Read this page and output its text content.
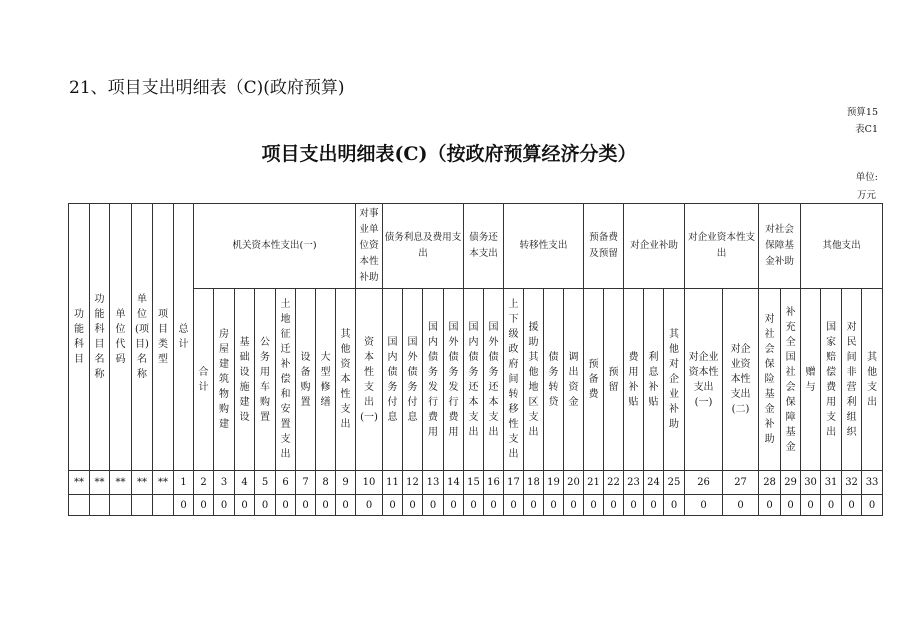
21、项目支出明细表（C)(政府预算)
预算15
表C1
项目支出明细表(C)（按政府预算经济分类）
单位:
万元
功能科目	功能科目名称	单位代码	单位(项目)名称	项目类型	总计	机关资本性支出(一)								对事业单位资本性补助	债务利息及费用支出				债务还本支出		转移性支出				预备费及预留		对企业补助			对企业资本性支出		对社会保障基金补助		其他支出			
						合计	房屋建筑物购建	基础设施建设	公务用车购置	土地征迁补偿和安置支出	设备购置	大型修缮	其他资本性支出	资本性支出(一)	国内债务付息	国外债务付息	国内债务发行费用	国外债务发行费用	国内债务还本支出	国外债务还本支出	上下级政府间转移性支出	援助其他地区支出	债务转贷	调出资金	预备费	预留	费用补贴	利息补贴	其他对企业补助	对企业资本性支出(一)	对企业资本性支出(二)	对社会保险基金补助	补充全国社会保障基金	赠与	国家赔偿费用支出	对民间非营利组织	其他支出
**	**	**	**	**	1	2	3	4	5	6	7	8	9	10	11	12	13	14	15	16	17	18	19	20	21	22	23	24	25	26	27	28	29	30	31	32	33
					0	0	0	0	0	0	0	0	0	0	0	0	0	0	0	0	0	0	0	0	0	0	0	0	0	0	0	0	0	0	0	0	0
